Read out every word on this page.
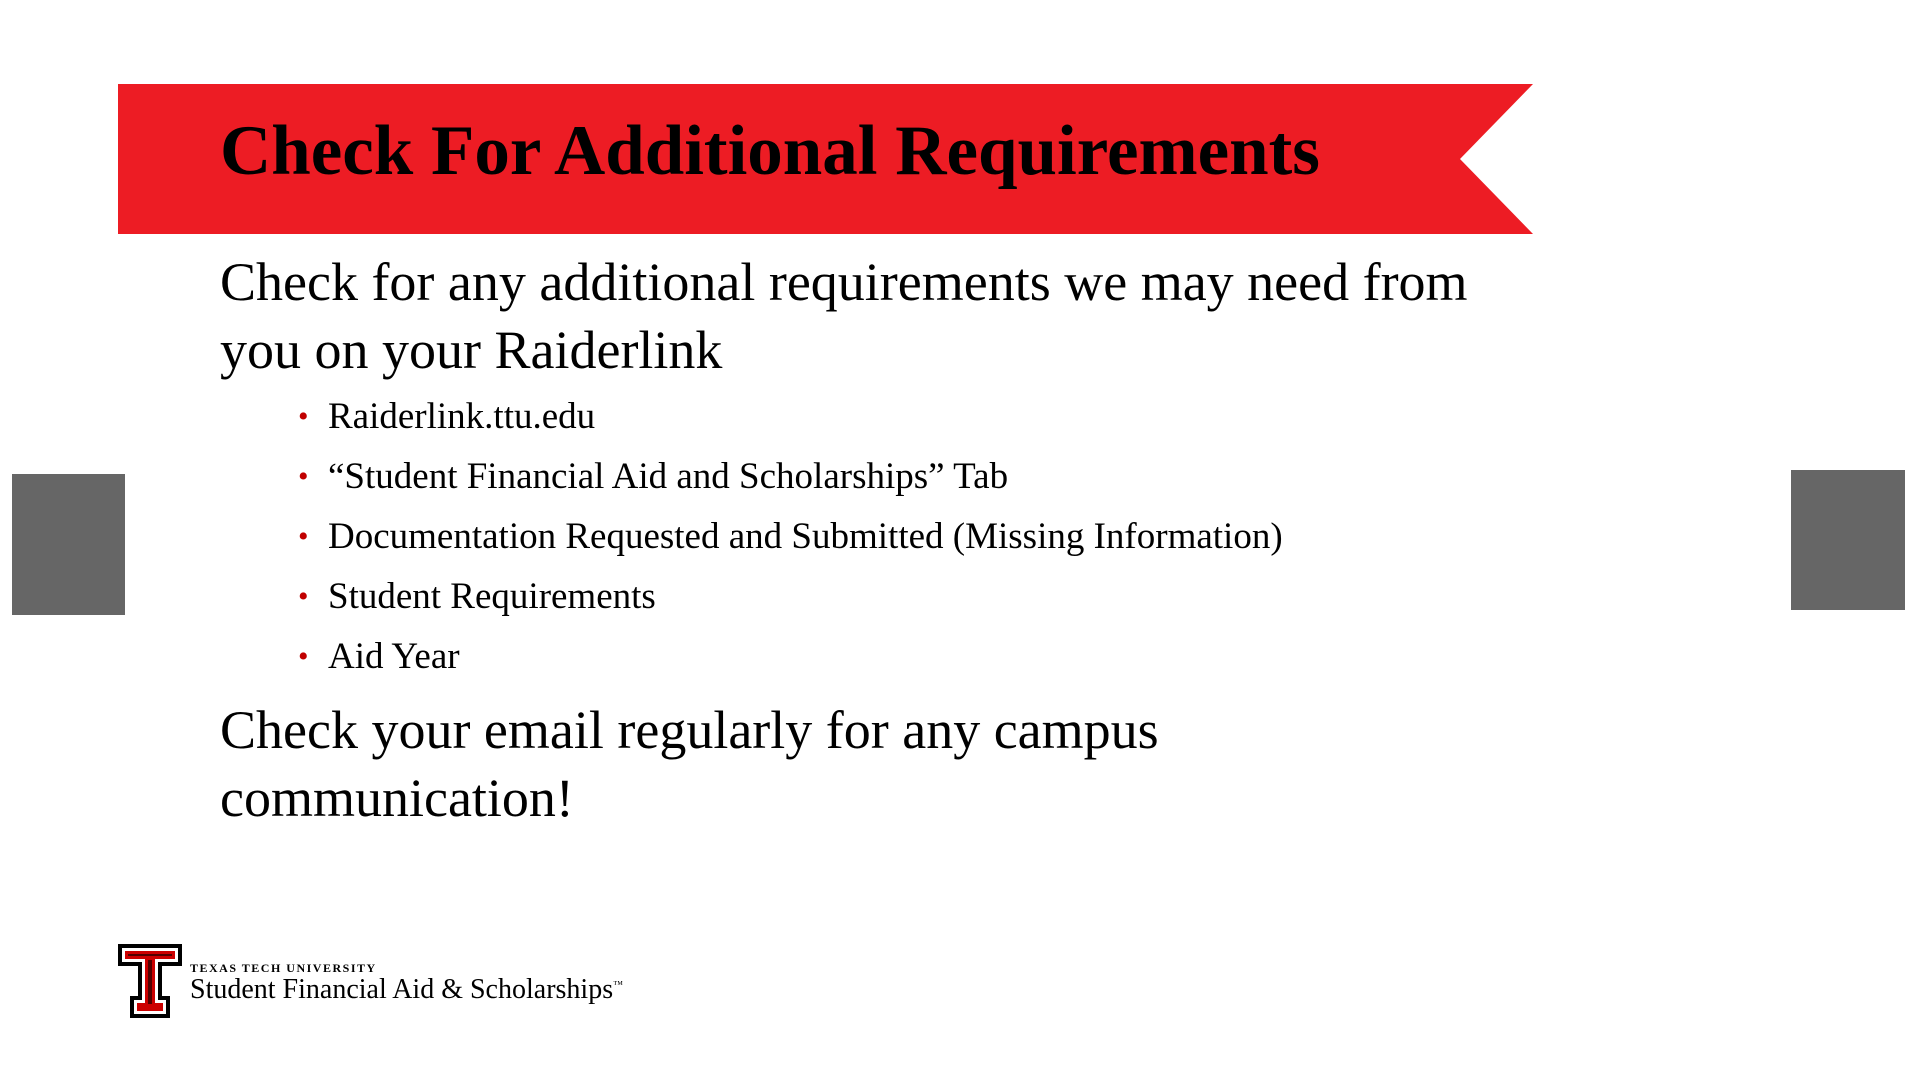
Check For Additional Requirements
Check for any additional requirements we may need from you on your Raiderlink
• Raiderlink.ttu.edu
• “Student Financial Aid and Scholarships” Tab
• Documentation Requested and Submitted (Missing Information)
• Student Requirements
• Aid Year
Check your email regularly for any campus communication!
TEXAS TECH UNIVERSITY
Student Financial Aid & Scholarships™
